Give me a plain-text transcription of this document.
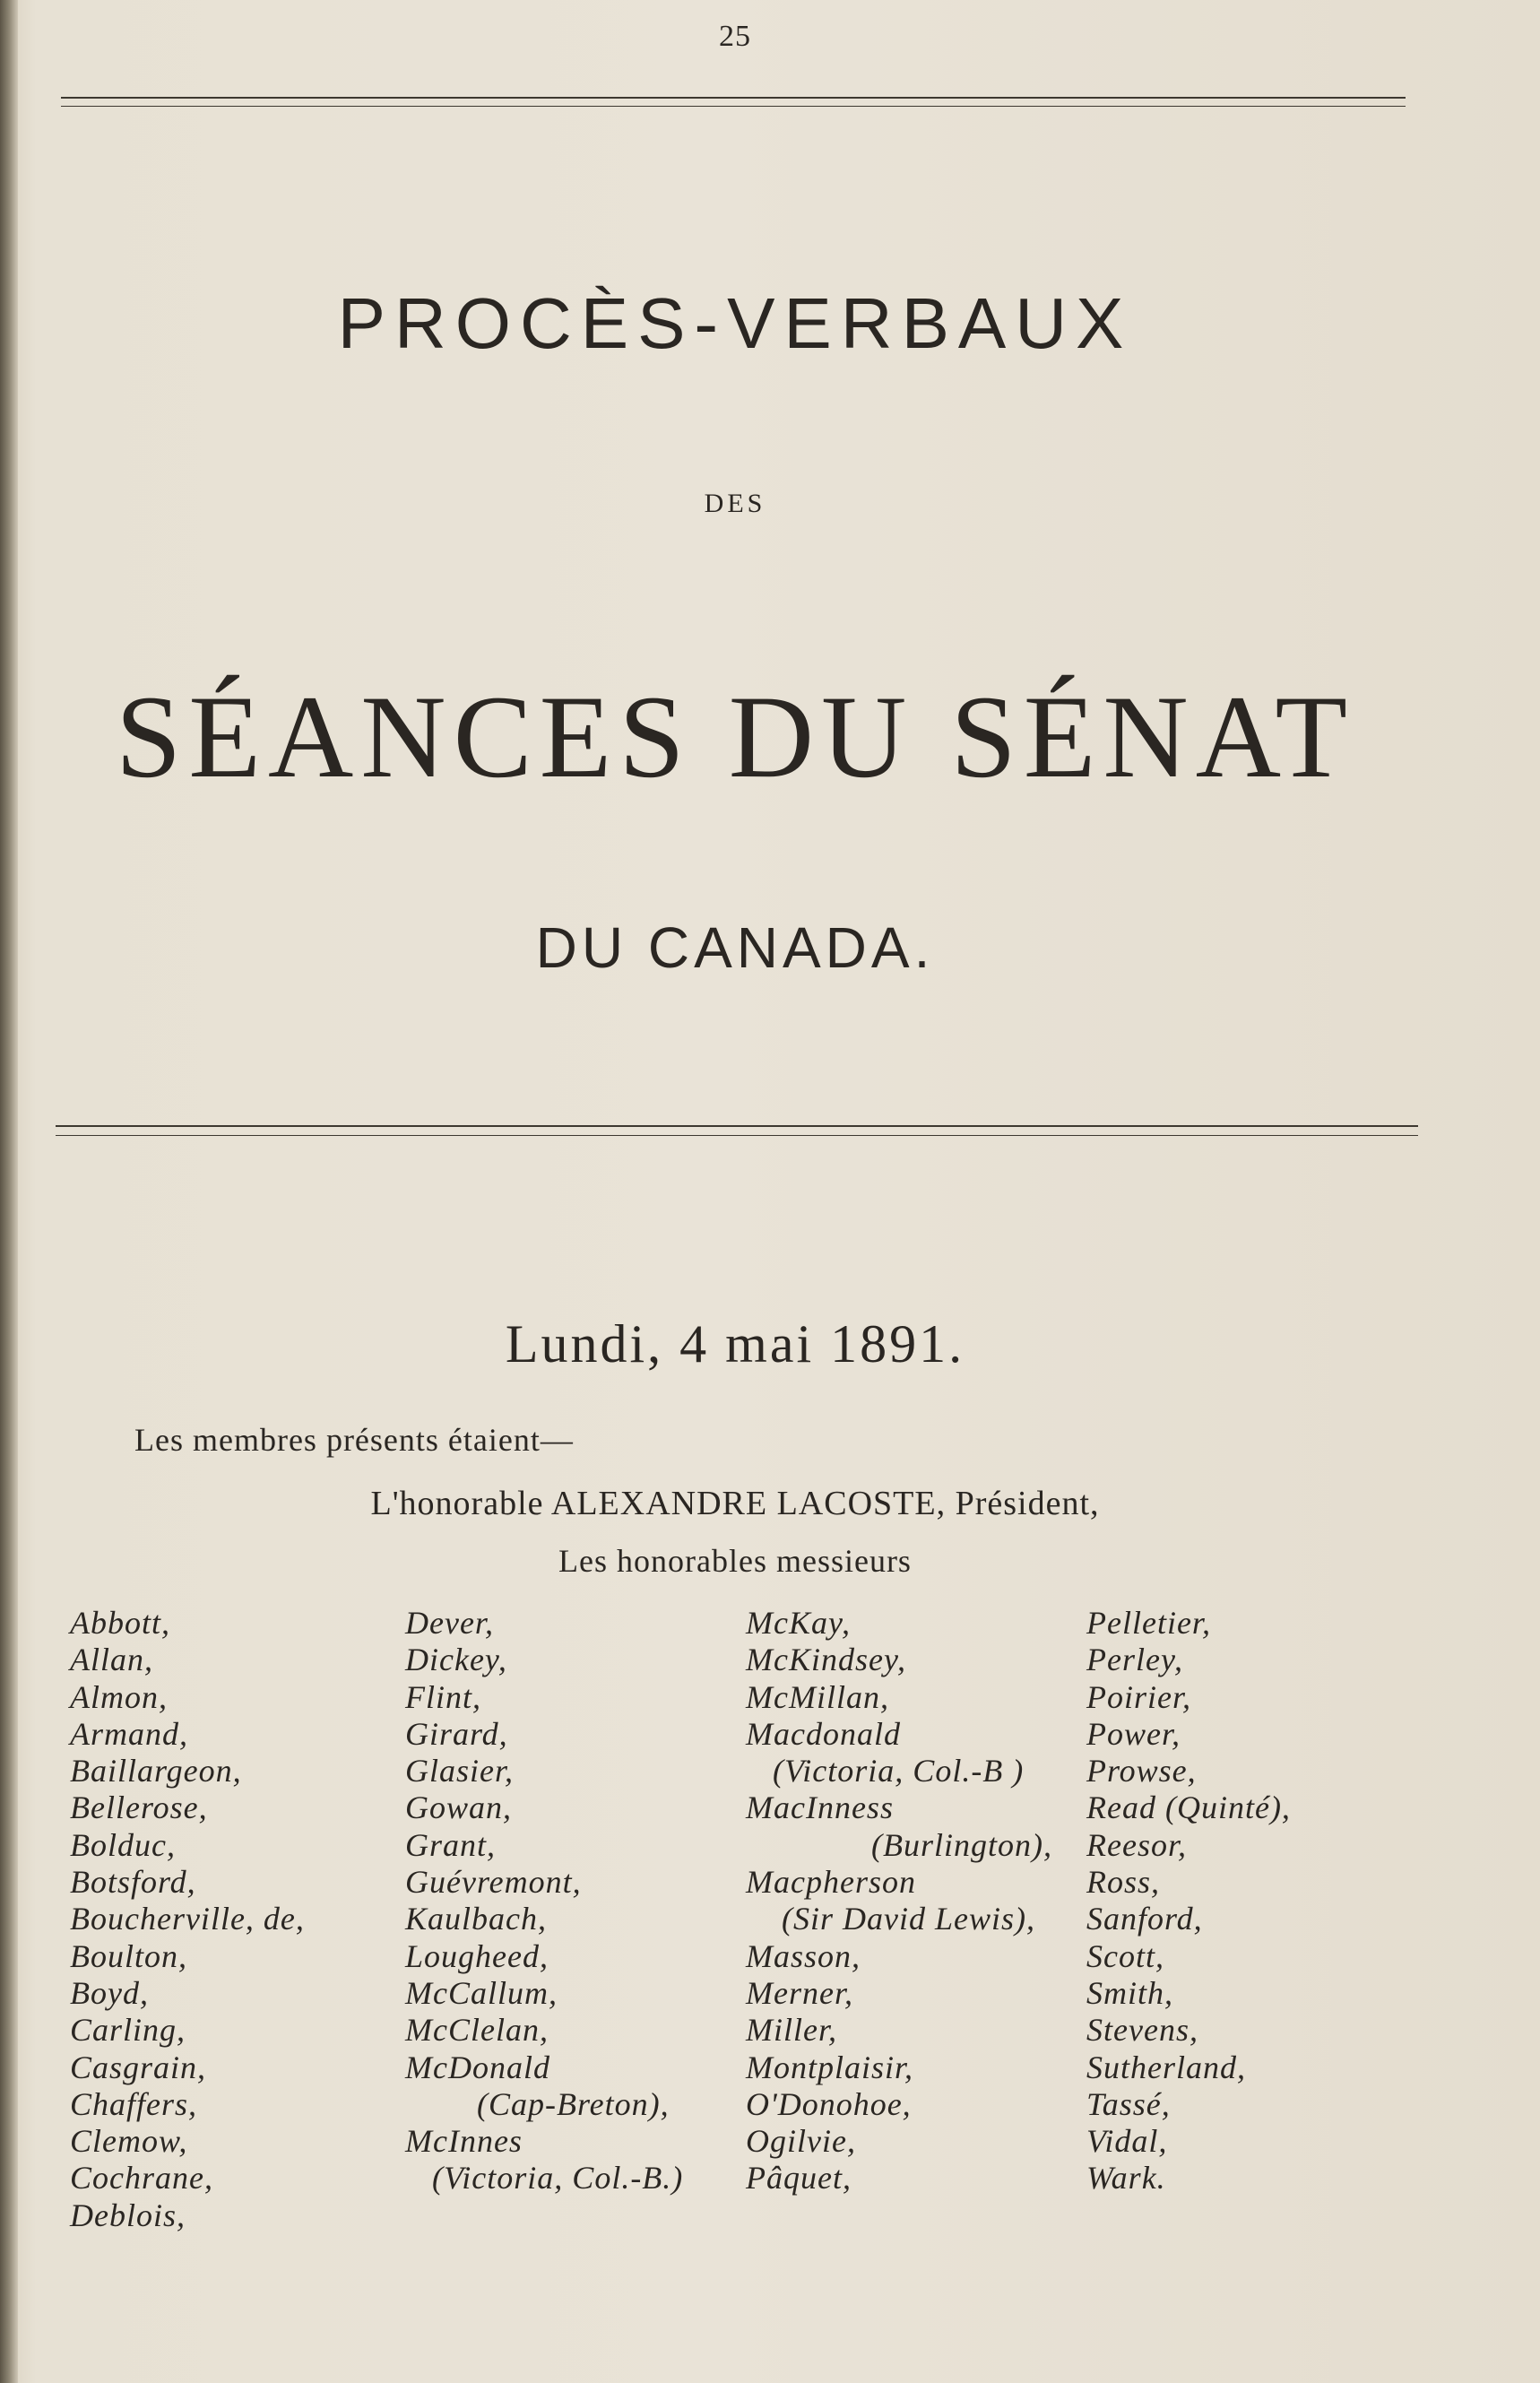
25
PROCÈS-VERBAUX
DES
SÉANCES DU SÉNAT
DU CANADA.
Lundi, 4 mai 1891.
Les membres présents étaient—
L'honorable ALEXANDRE LACOSTE, Président,
Les honorables messieurs
Abbott,
Allan,
Almon,
Armand,
Baillargeon,
Bellerose,
Bolduc,
Botsford,
Boucherville, de,
Boulton,
Boyd,
Carling,
Casgrain,
Chaffers,
Clemow,
Cochrane,
Deblois,
Dever,
Dickey,
Flint,
Girard,
Glasier,
Gowan,
Grant,
Guévremont,
Kaulbach,
Lougheed,
McCallum,
McClelan,
McDonald
(Cap-Breton),
McInnes
(Victoria, Col.-B.)
McKay,
McKindsey,
McMillan,
Macdonald
(Victoria, Col.-B )
MacInness
(Burlington),
Macpherson
(Sir David Lewis),
Masson,
Merner,
Miller,
Montplaisir,
O'Donohoe,
Ogilvie,
Pâquet,
Pelletier,
Perley,
Poirier,
Power,
Prowse,
Read (Quinté),
Reesor,
Ross,
Sanford,
Scott,
Smith,
Stevens,
Sutherland,
Tassé,
Vidal,
Wark.
